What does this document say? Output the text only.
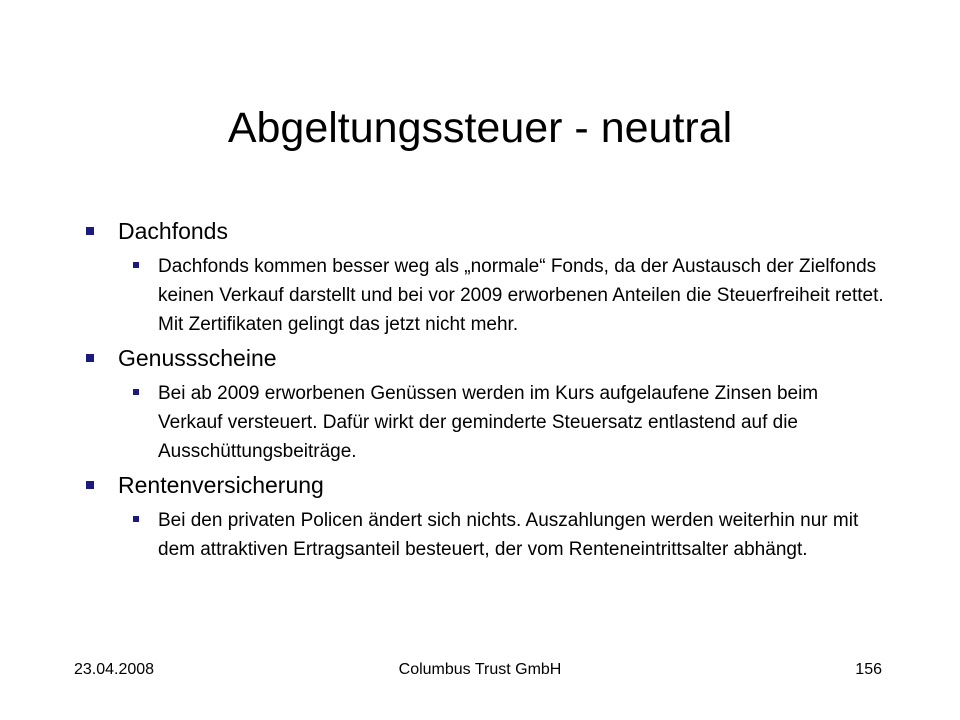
Abgeltungssteuer - neutral
Dachfonds
Dachfonds kommen besser weg als „normale“ Fonds, da der Austausch der Zielfonds keinen Verkauf darstellt und bei vor 2009 erworbenen Anteilen die Steuerfreiheit rettet. Mit Zertifikaten gelingt das jetzt nicht mehr.
Genussscheine
Bei ab 2009 erworbenen Genüssen werden im Kurs aufgelaufene Zinsen beim Verkauf versteuert. Dafür wirkt der geminderte Steuersatz entlastend auf die Ausschüttungsbeiträge.
Rentenversicherung
Bei den privaten Policen ändert sich nichts. Auszahlungen werden weiterhin nur mit dem attraktiven Ertragsanteil besteuert, der vom Renteneintrittsalter abhängt.
23.04.2008	Columbus Trust GmbH	156
